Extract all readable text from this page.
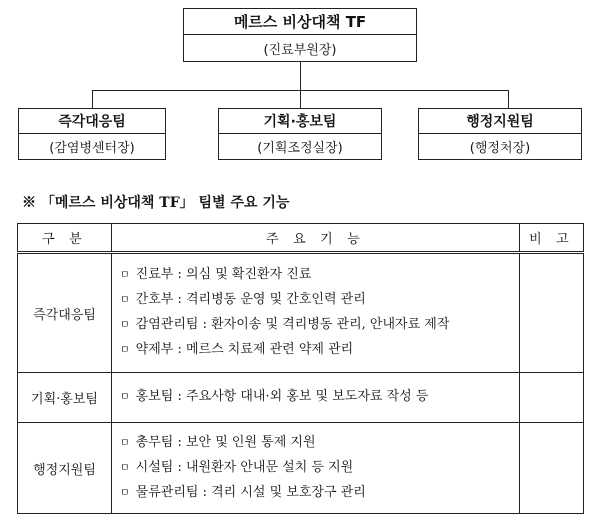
메르스 비상대책 TF
(진료부원장)
즉각대응팀
(감염병센터장)
기획·홍보팀
(기획조정실장)
행정지원팀
(행정처장)
※ 「메르스 비상대책 TF」 팀별 주요 기능
구 분	주 요 기 능	비 고
즉각대응팀	ㅁ 진료부 : 의심 및 확진환자 진료
ㅁ 간호부 : 격리병동 운영 및 간호인력 관리
ㅁ 감염관리팀 : 환자이송 및 격리병동 관리, 안내자료 제작
ㅁ 약제부 : 메르스 치료제 관련 약제 관리	

기획·홍보팀	ㅁ 홍보팀 : 주요사항 대내·외 홍보 및 보도자료 작성 등	

행정지원팀	ㅁ 총무팀 : 보안 및 인원 통제 지원
ㅁ 시설팀 : 내원환자 안내문 설치 등 지원
ㅁ 물류관리팀 : 격리 시설 및 보호장구 관리	
